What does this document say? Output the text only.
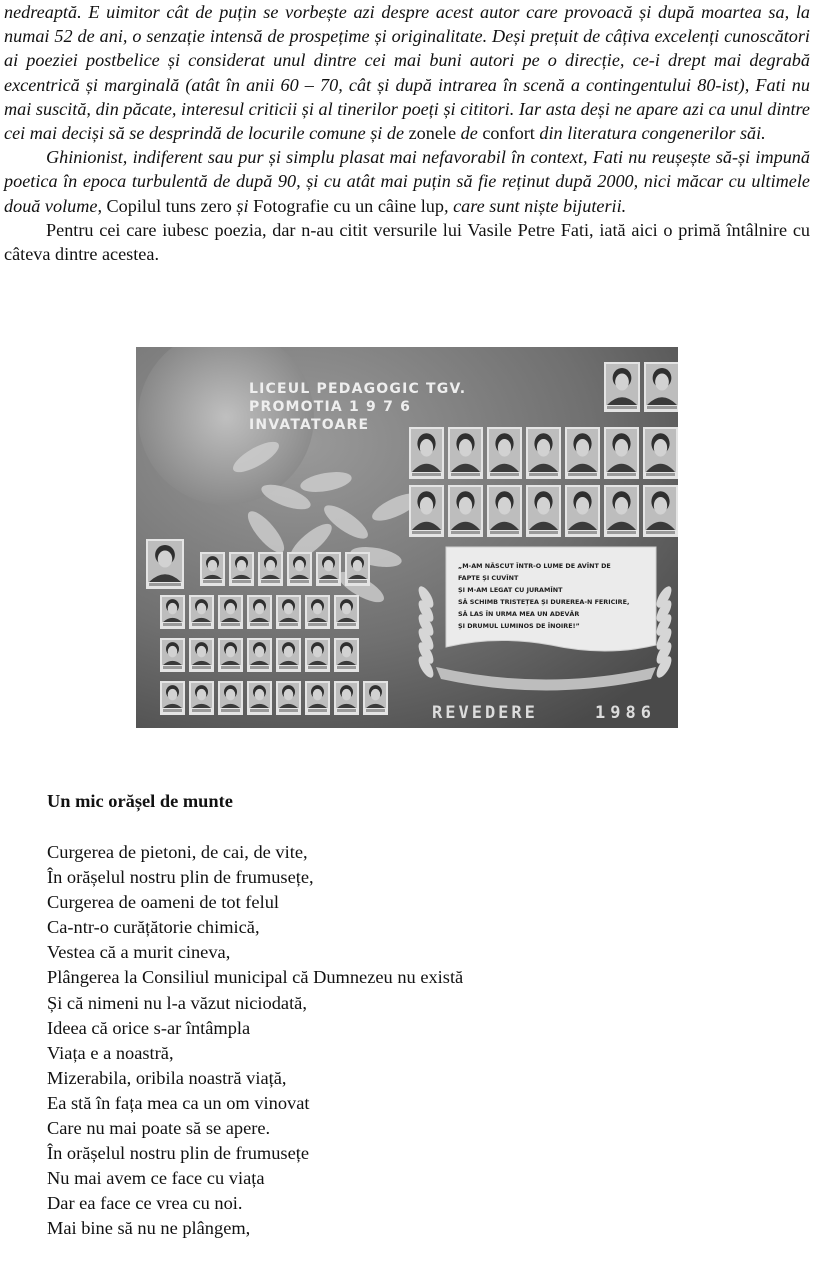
nedreaptă. E uimitor cât de puțin se vorbește azi despre acest autor care provoacă și după moartea sa, la numai 52 de ani, o senzație intensă de prospețime și originalitate. Deși prețuit de câțiva excelenți cunoscători ai poeziei postbelice și considerat unul dintre cei mai buni autori pe o direcție, ce-i drept mai degrabă excentrică și marginală (atât în anii 60 – 70, cât și după intrarea în scenă a contingentului 80-ist), Fati nu mai suscită, din păcate, interesul criticii și al tinerilor poeți și cititori. Iar asta deși ne apare azi ca unul dintre cei mai deciși să se desprindă de locurile comune și de zonele de confort din literatura congenerilor săi.

Ghinionist, indiferent sau pur și simplu plasat mai nefavorabil în context, Fati nu reușește să-și impună poetica în epoca turbulentă de după 90, și cu atât mai puțin să fie reținut după 2000, nici măcar cu ultimele două volume, Copilul tuns zero și Fotografie cu un câine lup, care sunt niște bijuterii.

Pentru cei care iubesc poezia, dar n-au citit versurile lui Vasile Petre Fati, iată aici o primă întâlnire cu câteva dintre acestea.

LICEUL PEDAGOGIC TGV.
PROMOTIA 1 9 7 6
INVATATOARE
„M-AM NĂSCUT ÎNTR-O LUME DE AVÎNT DE
FAPTE ȘI CUVÎNT
ȘI M-AM LEGAT CU JURAMÎNT
SĂ SCHIMB TRISTEȚEA ȘI DUREREA-N FERICIRE,
SĂ LAS ÎN URMA MEA UN ADEVĂR
ȘI DRUMUL LUMINOS DE ÎNOIRE!”
REVEDERE	1986

Un mic orășel de munte

Curgerea de pietoni, de cai, de vite,

În orășelul nostru plin de frumusețe,

Curgerea de oameni de tot felul

Ca-ntr-o curățătorie chimică,

Vestea că a murit cineva,

Plângerea la Consiliul municipal că Dumnezeu nu există

Și că nimeni nu l-a văzut niciodată,

Ideea că orice s-ar întâmpla

Viața e a noastră,

Mizerabila, oribila noastră viață,

Ea stă în fața mea ca un om vinovat

Care nu mai poate să se apere.

În orășelul nostru plin de frumusețe

Nu mai avem ce face cu viața

Dar ea face ce vrea cu noi.

Mai bine să nu ne plângem,
